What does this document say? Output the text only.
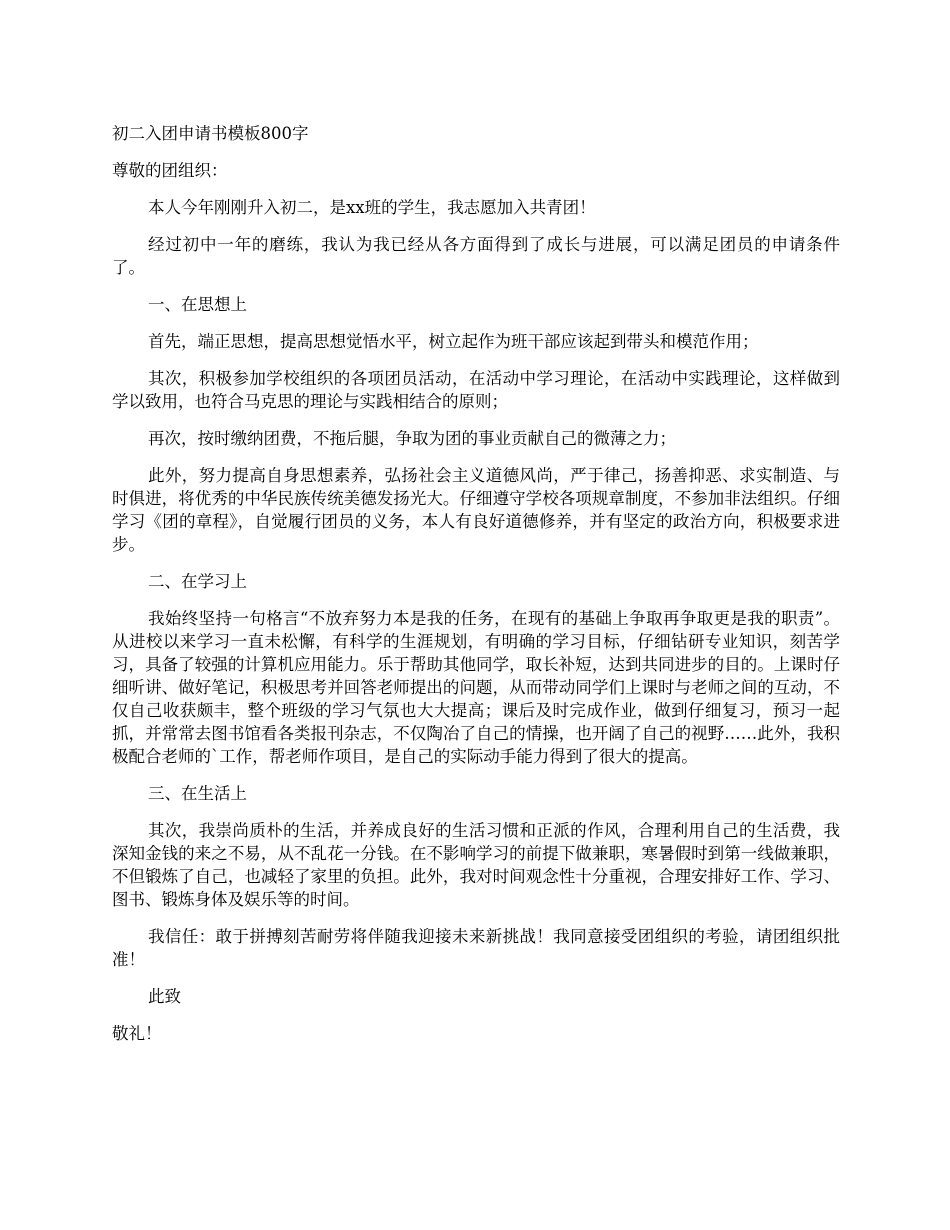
初二入团申请书模板800字

尊敬的团组织：

本人今年刚刚升入初二，是xx班的学生，我志愿加入共青团！

经过初中一年的磨练，我认为我已经从各方面得到了成长与进展，可以满足团员的申请条件了。

一、在思想上

首先，端正思想，提高思想觉悟水平，树立起作为班干部应该起到带头和模范作用；

其次，积极参加学校组织的各项团员活动，在活动中学习理论，在活动中实践理论，这样做到学以致用，也符合马克思的理论与实践相结合的原则；

再次，按时缴纳团费，不拖后腿，争取为团的事业贡献自己的微薄之力；

此外，努力提高自身思想素养，弘扬社会主义道德风尚，严于律己，扬善抑恶、求实制造、与时俱进，将优秀的中华民族传统美德发扬光大。仔细遵守学校各项规章制度，不参加非法组织。仔细学习《团的章程》，自觉履行团员的义务，本人有良好道德修养，并有坚定的政治方向，积极要求进步。

二、在学习上

我始终坚持一句格言“不放弃努力本是我的任务，在现有的基础上争取再争取更是我的职责”。从进校以来学习一直未松懈，有科学的生涯规划，有明确的学习目标，仔细钻研专业知识，刻苦学习，具备了较强的计算机应用能力。乐于帮助其他同学，取长补短，达到共同进步的目的。上课时仔细听讲、做好笔记，积极思考并回答老师提出的问题，从而带动同学们上课时与老师之间的互动，不仅自己收获颇丰，整个班级的学习气氛也大大提高；课后及时完成作业，做到仔细复习，预习一起抓，并常常去图书馆看各类报刊杂志，不仅陶冶了自己的情操，也开阔了自己的视野……此外，我积极配合老师的`工作，帮老师作项目，是自己的实际动手能力得到了很大的提高。

三、在生活上

其次，我崇尚质朴的生活，并养成良好的生活习惯和正派的作风，合理利用自己的生活费，我深知金钱的来之不易，从不乱花一分钱。在不影响学习的前提下做兼职，寒暑假时到第一线做兼职，不但锻炼了自己，也减轻了家里的负担。此外，我对时间观念性十分重视，合理安排好工作、学习、图书、锻炼身体及娱乐等的时间。

我信任：敢于拼搏刻苦耐劳将伴随我迎接未来新挑战！我同意接受团组织的考验，请团组织批准！

此致

敬礼！
